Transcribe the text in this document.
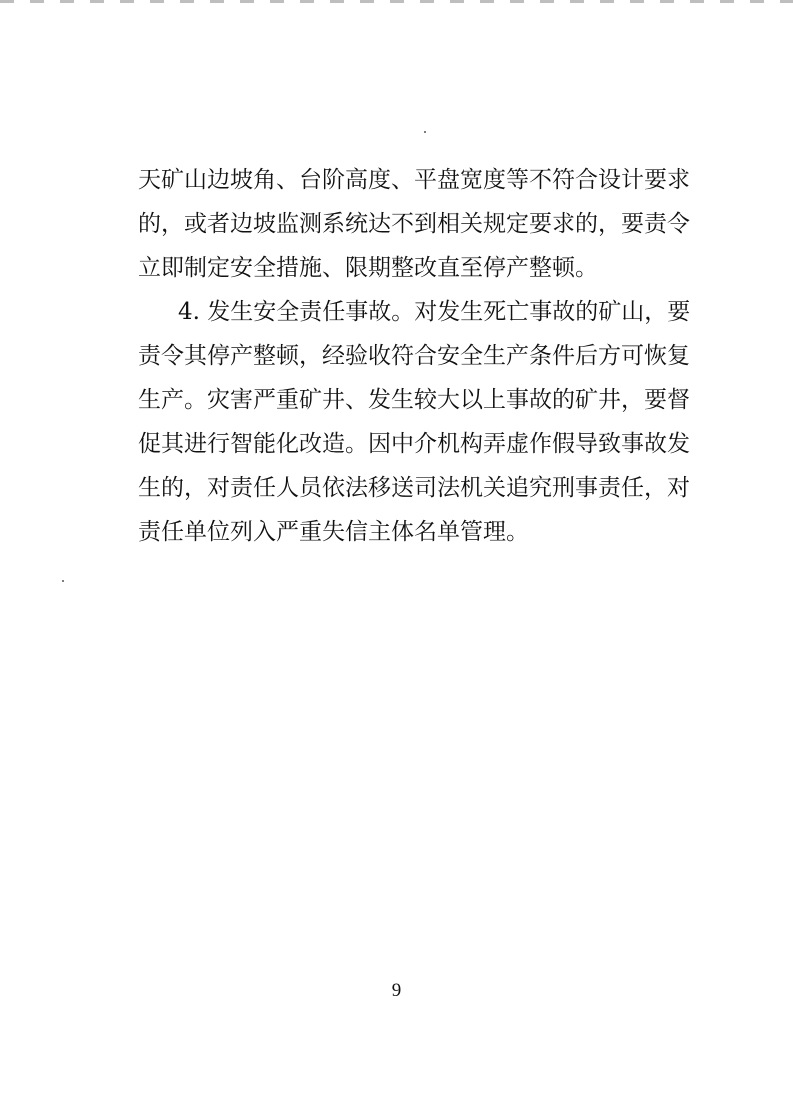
天矿山边坡角、台阶高度、平盘宽度等不符合设计要求
的，或者边坡监测系统达不到相关规定要求的，要责令
立即制定安全措施、限期整改直至停产整顿。
4. 发生安全责任事故。对发生死亡事故的矿山，要
责令其停产整顿，经验收符合安全生产条件后方可恢复
生产。灾害严重矿井、发生较大以上事故的矿井，要督
促其进行智能化改造。因中介机构弄虚作假导致事故发
生的，对责任人员依法移送司法机关追究刑事责任，对
责任单位列入严重失信主体名单管理。
9
